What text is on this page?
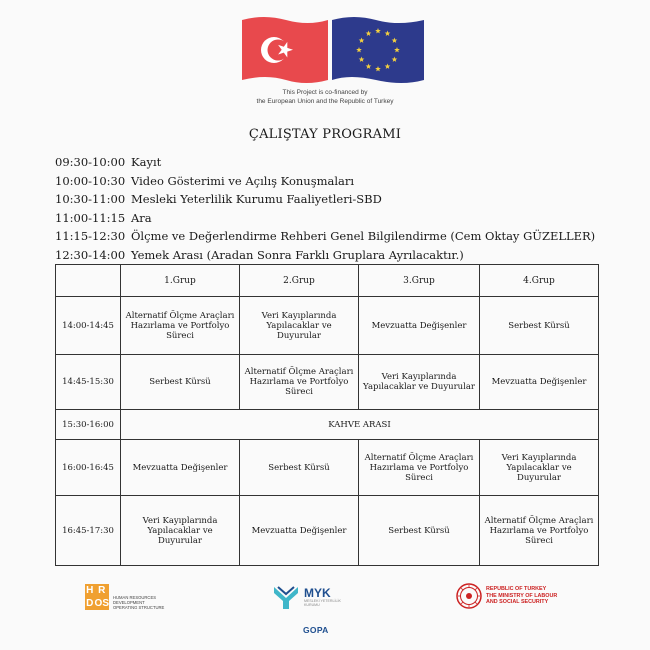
This Project is co-financed by
the European Union and the Republic of Turkey
ÇALIŞTAY PROGRAMI
09:30-10:00 Kayıt
10:00-10:30 Video Gösterimi ve Açılış Konuşmaları
10:30-11:00 Mesleki Yeterlilik Kurumu Faaliyetleri-SBD
11:00-11:15 Ara
11:15-12:30 Ölçme ve Değerlendirme Rehberi Genel Bilgilendirme (Cem Oktay GÜZELLER)
12:30-14:00 Yemek Arası (Aradan Sonra Farklı Gruplara Ayrılacaktır.)
	1.Grup	2.Grup	3.Grup	4.Grup
14:00-14:45	Alternatif Ölçme Araçları Hazırlama ve Portfolyo Süreci	Veri Kayıplarında Yapılacaklar ve Duyurular	Mevzuatta Değişenler	Serbest Kürsü
14:45-15:30	Serbest Kürsü	Alternatif Ölçme Araçları Hazırlama ve Portfolyo Süreci	Veri Kayıplarında Yapılacaklar ve Duyurular	Mevzuatta Değişenler
15:30-16:00	KAHVE ARASI			
16:00-16:45	Mevzuatta Değişenler	Serbest Kürsü	Alternatif Ölçme Araçları Hazırlama ve Portfolyo Süreci	Veri Kayıplarında Yapılacaklar ve Duyurular
16:45-17:30	Veri Kayıplarında Yapılacaklar ve Duyurular	Mevzuatta Değişenler	Serbest Kürsü	Alternatif Ölçme Araçları Hazırlama ve Portfolyo Süreci
H R
D OS HUMAN RESOURCES
DEVELOPMENT
OPERATING STRUCTURE
MYK
MESLEKİ YETERLİLİK
KURUMU
GOPA
REPUBLIC OF TURKEY
THE MINISTRY OF LABOUR
AND SOCIAL SECURITY
